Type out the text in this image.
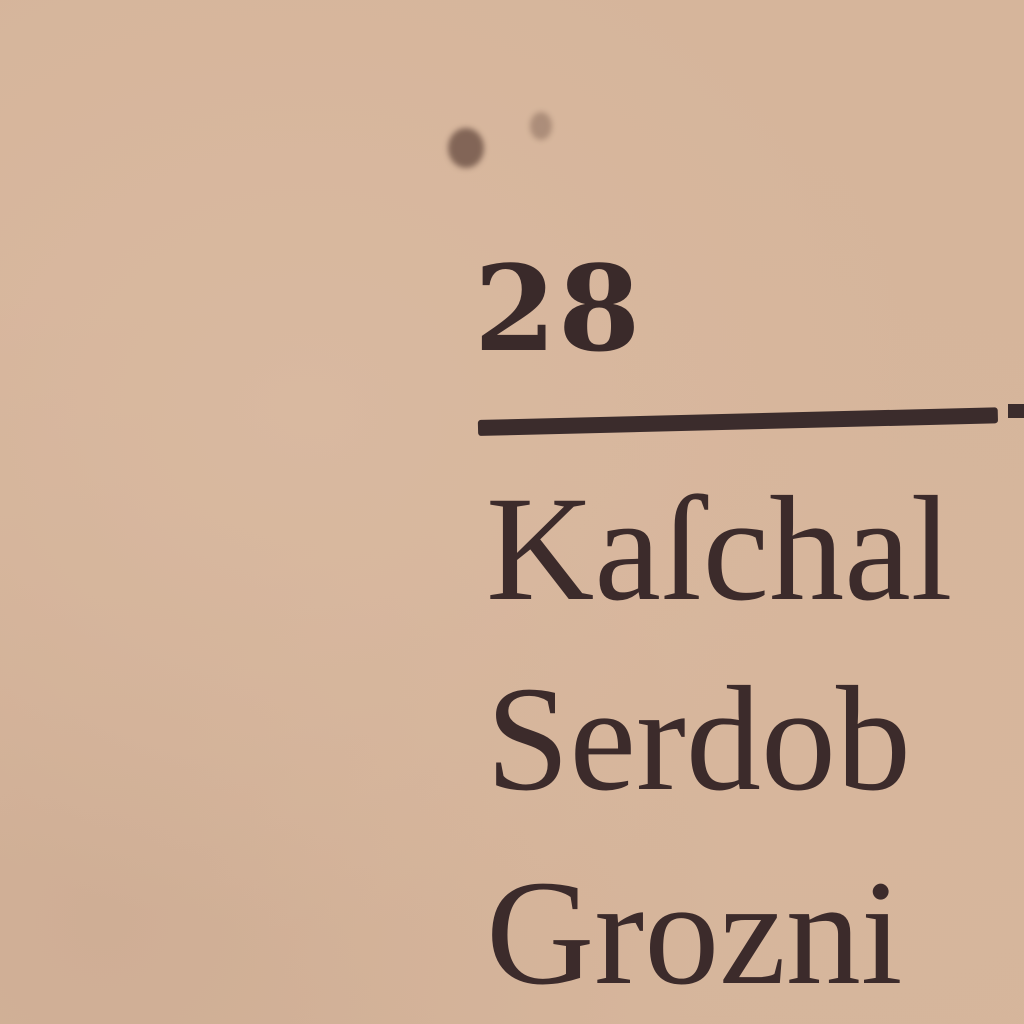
28
Kaſchal
Serdob
Grozni
